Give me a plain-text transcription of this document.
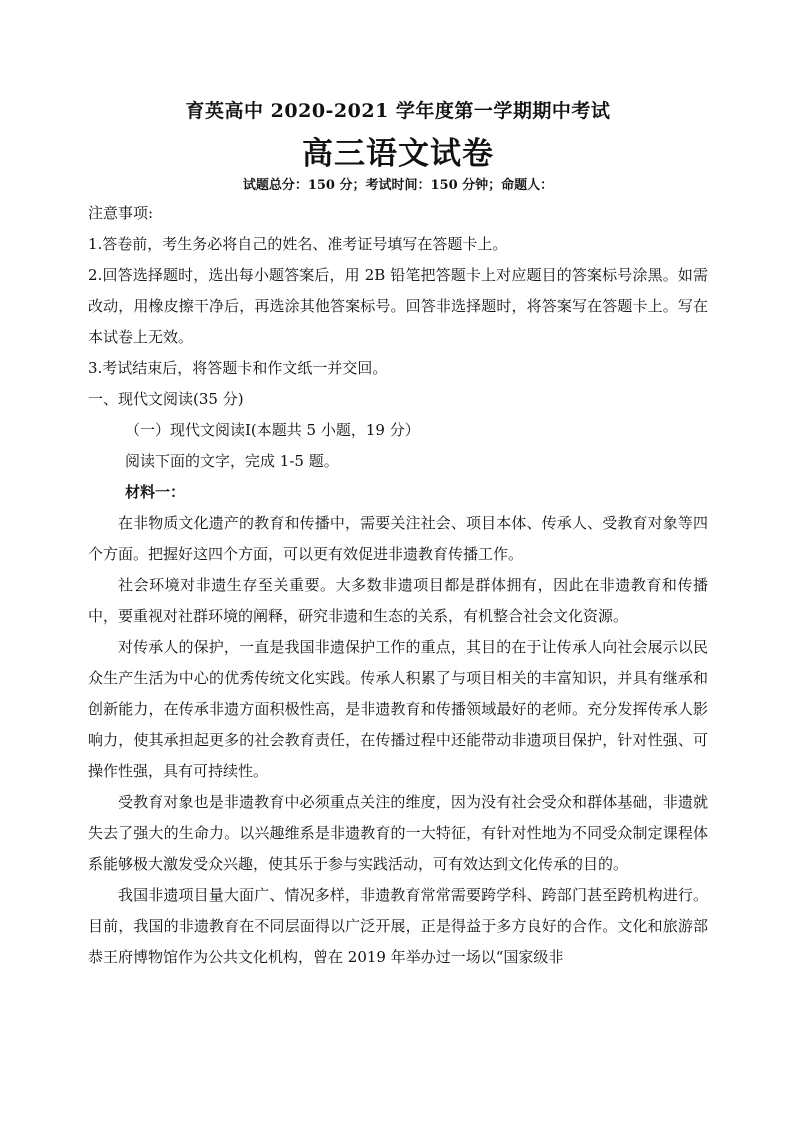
育英高中 2020-2021 学年度第一学期期中考试

高三语文试卷

试题总分：150 分；考试时间：150 分钟；命题人：

注意事项:

1.答卷前，考生务必将自己的姓名、准考证号填写在答题卡上。

2.回答选择题时，选出每小题答案后，用 2B 铅笔把答题卡上对应题目的答案标号涂黑。如需改动，用橡皮擦干净后，再选涂其他答案标号。回答非选择题时，将答案写在答题卡上。写在本试卷上无效。

3.考试结束后，将答题卡和作文纸一并交回。

一、现代文阅读(35 分)

（一）现代文阅读Ⅰ(本题共 5 小题，19 分）

阅读下面的文字，完成 1-5 题。

材料一：

在非物质文化遗产的教育和传播中，需要关注社会、项目本体、传承人、受教育对象等四个方面。把握好这四个方面，可以更有效促进非遗教育传播工作。

社会环境对非遗生存至关重要。大多数非遗项目都是群体拥有，因此在非遗教育和传播中，要重视对社群环境的阐释，研究非遗和生态的关系，有机整合社会文化资源。

对传承人的保护，一直是我国非遗保护工作的重点，其目的在于让传承人向社会展示以民众生产生活为中心的优秀传统文化实践。传承人积累了与项目相关的丰富知识，并具有继承和创新能力，在传承非遗方面积极性高，是非遗教育和传播领域最好的老师。充分发挥传承人影响力，使其承担起更多的社会教育责任，在传播过程中还能带动非遗项目保护，针对性强、可操作性强，具有可持续性。

受教育对象也是非遗教育中必须重点关注的维度，因为没有社会受众和群体基础，非遗就失去了强大的生命力。以兴趣维系是非遗教育的一大特征，有针对性地为不同受众制定课程体系能够极大激发受众兴趣，使其乐于参与实践活动，可有效达到文化传承的目的。

我国非遗项目量大面广、情况多样，非遗教育常常需要跨学科、跨部门甚至跨机构进行。目前，我国的非遗教育在不同层面得以广泛开展，正是得益于多方良好的合作。文化和旅游部恭王府博物馆作为公共文化机构，曾在 2019 年举办过一场以“国家级非
